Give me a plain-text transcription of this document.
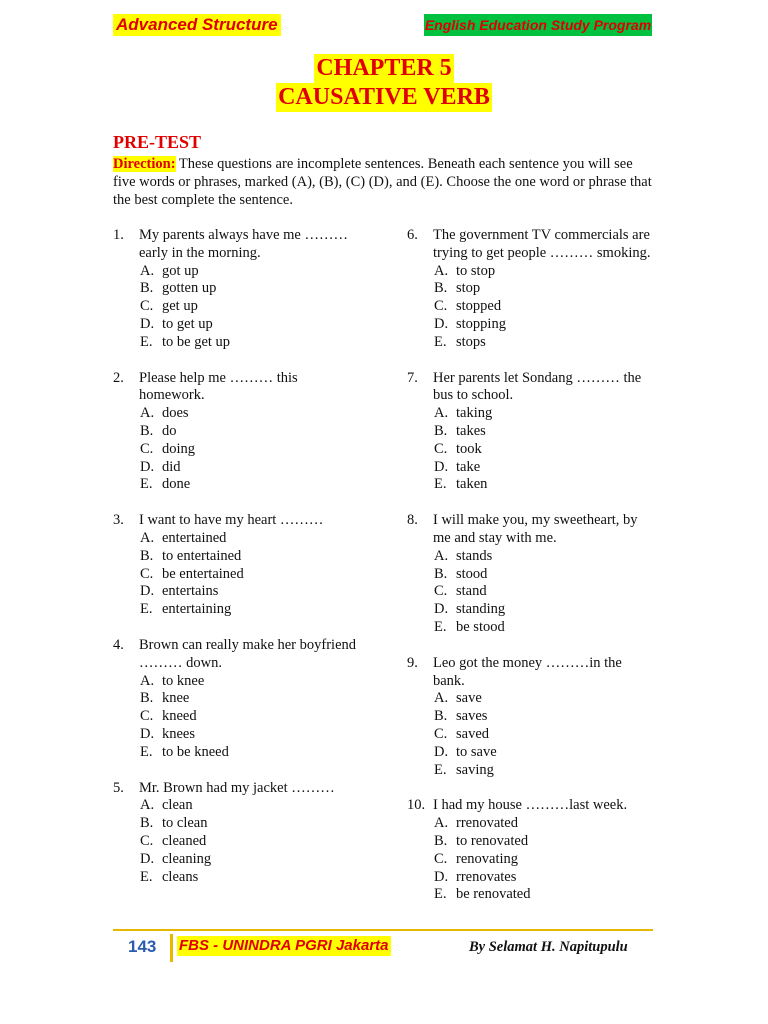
Advanced Structure	English Education Study Program
CHAPTER 5
CAUSATIVE VERB
PRE-TEST
Direction: These questions are incomplete sentences. Beneath each sentence you will see five words or phrases, marked (A), (B), (C) (D), and (E). Choose the one word or phrase that the best complete the sentence.
1. My parents always have me ……… early in the morning.
A. got up
B. gotten up
C. get up
D. to get up
E. to be get up
2. Please help me ……… this homework.
A. does
B. do
C. doing
D. did
E. done
3. I want to have my heart ………
A. entertained
B. to entertained
C. be entertained
D. entertains
E. entertaining
4. Brown can really make her boyfriend ……… down.
A. to knee
B. knee
C. kneed
D. knees
E. to be kneed
5. Mr. Brown had my jacket ………
A. clean
B. to clean
C. cleaned
D. cleaning
E. cleans
6. The government TV commercials are trying to get people ……… smoking.
A. to stop
B. stop
C. stopped
D. stopping
E. stops
7. Her parents let Sondang ……… the bus to school.
A. taking
B. takes
C. took
D. take
E. taken
8. I will make you, my sweetheart, by me and stay with me.
A. stands
B. stood
C. stand
D. standing
E. be stood
9. Leo got the money ………in the bank.
A. save
B. saves
C. saved
D. to save
E. saving
10. I had my house ………last week.
A. rrenovated
B. to renovated
C. renovating
D. rrenovates
E. be renovated
143 FBS - UNINDRA PGRI Jakarta	By Selamat H. Napitupulu
